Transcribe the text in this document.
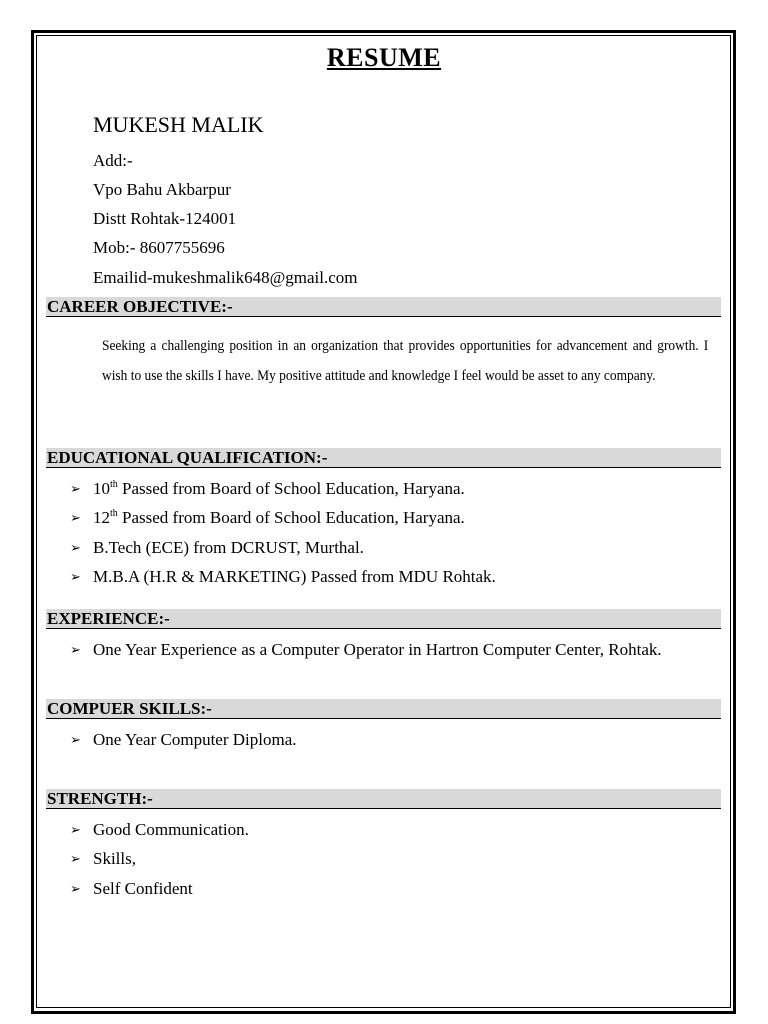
RESUME
MUKESH MALIK
Add:-
Vpo Bahu Akbarpur
Distt Rohtak-124001
Mob:- 8607755696
Emailid-mukeshmalik648@gmail.com
CAREER OBJECTIVE:-
Seeking a challenging position in an organization that provides opportunities for advancement and growth. I wish to use the skills I have. My positive attitude and knowledge I feel would be asset to any company.
EDUCATIONAL QUALIFICATION:-
➢ 10th Passed from Board of School Education, Haryana.
➢ 12th Passed from Board of School Education, Haryana.
➢ B.Tech (ECE) from DCRUST, Murthal.
➢ M.B.A (H.R & MARKETING) Passed from MDU Rohtak.
EXPERIENCE:-
➢ One Year Experience as a Computer Operator in Hartron Computer Center, Rohtak.
COMPUER SKILLS:-
➢ One Year Computer Diploma.
STRENGTH:-
➢ Good Communication.
➢ Skills,
➢ Self Confident
